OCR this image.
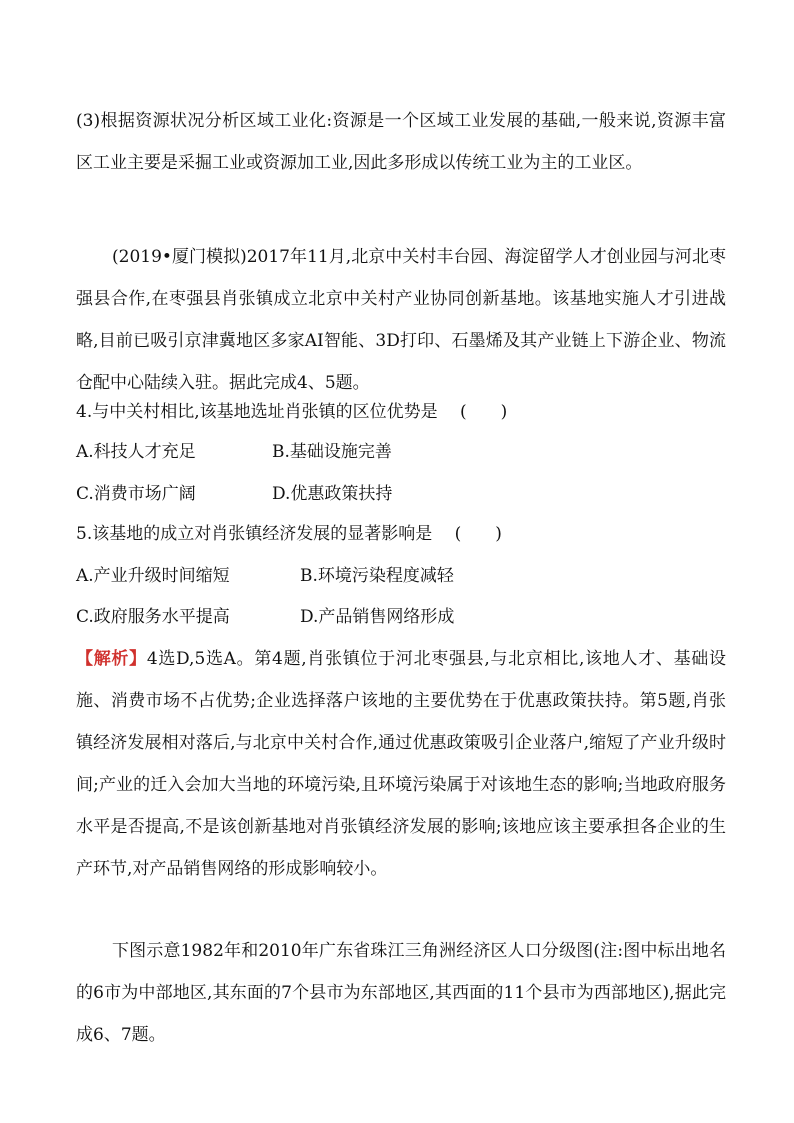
(3)根据资源状况分析区域工业化:资源是一个区域工业发展的基础,一般来说,资源丰富区工业主要是采掘工业或资源加工业,因此多形成以传统工业为主的工业区。

(2019•厦门模拟)2017年11月,北京中关村丰台园、海淀留学人才创业园与河北枣强县合作,在枣强县肖张镇成立北京中关村产业协同创新基地。该基地实施人才引进战略,目前已吸引京津冀地区多家AI智能、3D打印、石墨烯及其产业链上下游企业、物流仓配中心陆续入驻。据此完成4、5题。

4.与中关村相比,该基地选址肖张镇的区位优势是　 (　　)

A.科技人才充足	B.基础设施完善
C.消费市场广阔	D.优惠政策扶持

5.该基地的成立对肖张镇经济发展的显著影响是　 (　　)

A.产业升级时间缩短	B.环境污染程度减轻
C.政府服务水平提高	D.产品销售网络形成

【解析】4选D,5选A。第4题,肖张镇位于河北枣强县,与北京相比,该地人才、基础设施、消费市场不占优势;企业选择落户该地的主要优势在于优惠政策扶持。第5题,肖张镇经济发展相对落后,与北京中关村合作,通过优惠政策吸引企业落户,缩短了产业升级时间;产业的迁入会加大当地的环境污染,且环境污染属于对该地生态的影响;当地政府服务水平是否提高,不是该创新基地对肖张镇经济发展的影响;该地应该主要承担各企业的生产环节,对产品销售网络的形成影响较小。

下图示意1982年和2010年广东省珠江三角洲经济区人口分级图(注:图中标出地名的6市为中部地区,其东面的7个县市为东部地区,其西面的11个县市为西部地区),据此完成6、7题。
